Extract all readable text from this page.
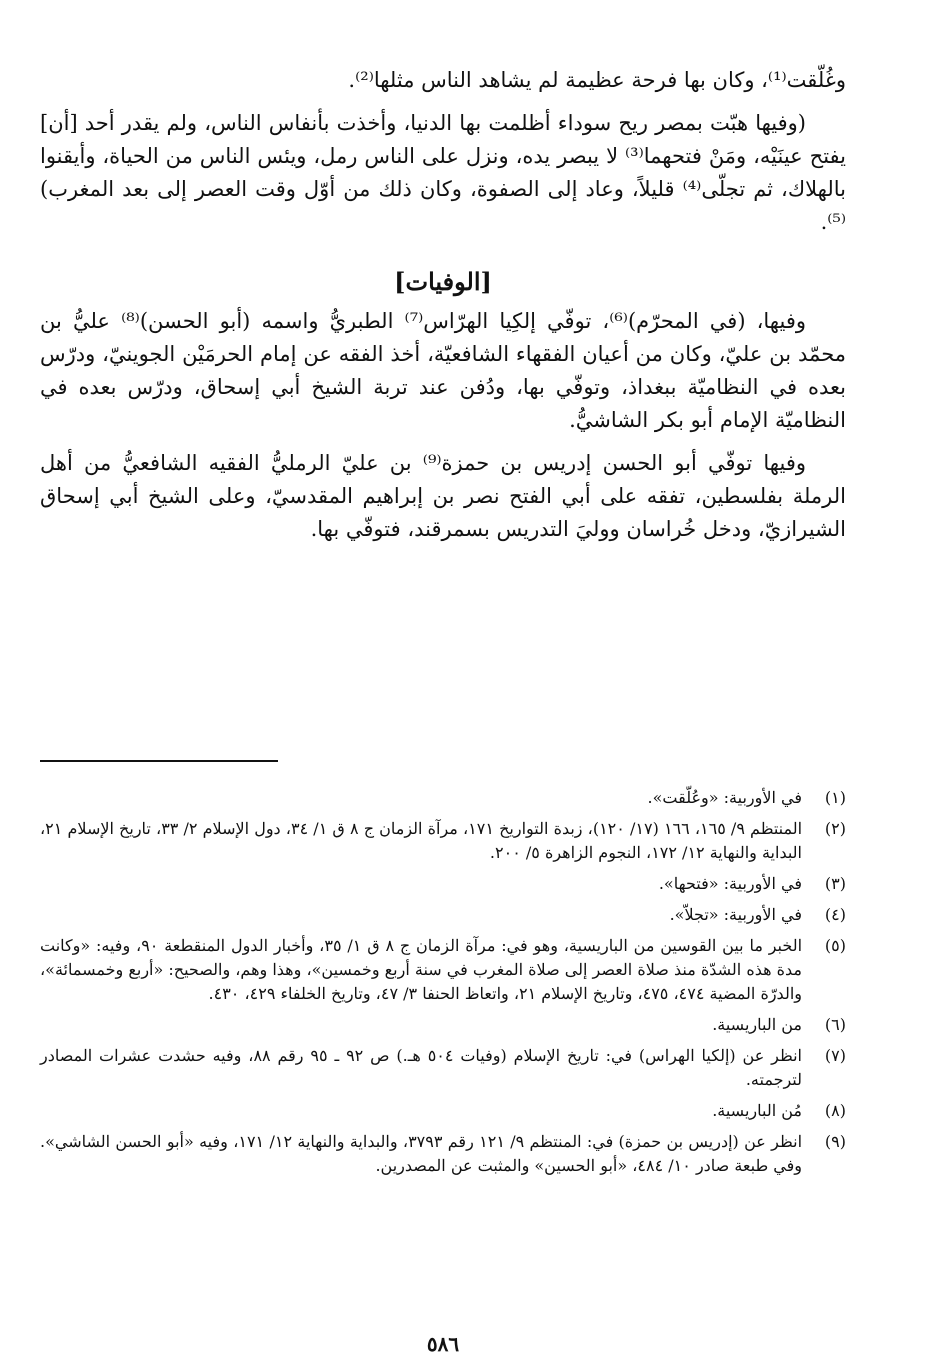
وغُلّقت⁽¹⁾، وكان بها فرحة عظيمة لم يشاهد الناس مثلها⁽²⁾.

(وفيها هبّت بمصر ريح سوداء أظلمت بها الدنيا، وأخذت بأنفاس الناس، ولم يقدر أحد [أن] يفتح عينَيْه، ومَنْ فتحهما⁽³⁾ لا يبصر يده، ونزل على الناس رمل، ويئس الناس من الحياة، وأيقنوا بالهلاك، ثم تجلّى⁽⁴⁾ قليلاً، وعاد إلى الصفوة، وكان ذلك من أوّل وقت العصر إلى بعد المغرب)⁽⁵⁾.

[الوفيات]

وفيها، (في المحرّم)⁽⁶⁾، توفّي إلكِيا الهرّاس⁽⁷⁾ الطبريُّ واسمه (أبو الحسن)⁽⁸⁾ عليُّ بن محمّد بن عليّ، وكان من أعيان الفقهاء الشافعيّة، أخذ الفقه عن إمام الحرمَيْن الجوينيّ، ودرّس بعده في النظاميّة ببغداذ، وتوفّي بها، ودُفن عند تربة الشيخ أبي إسحاق، ودرّس بعده في النظاميّة الإمام أبو بكر الشاشيُّ.

وفيها توفّي أبو الحسن إدريس بن حمزة⁽⁹⁾ بن عليّ الرمليُّ الفقيه الشافعيُّ من أهل الرملة بفلسطين، تفقه على أبي الفتح نصر بن إبراهيم المقدسيّ، وعلى الشيخ أبي إسحاق الشيرازيّ، ودخل خُراسان ووليَ التدريس بسمرقند، فتوفّي بها.

(١)
في الأوربية: «وعُلّقت».
(٢)
المنتظم ٩/ ١٦٥، ١٦٦ (١٧/ ١٢٠)، زبدة التواريخ ١٧١، مرآة الزمان ج ٨ ق ١/ ٣٤، دول الإسلام ٢/ ٣٣، تاريخ الإسلام ٢١، البداية والنهاية ١٢/ ١٧٢، النجوم الزاهرة ٥/ ٢٠٠.
(٣)
في الأوربية: «فتحها».
(٤)
في الأوربية: «تجلاّ».
(٥)
الخبر ما بين القوسين من الباريسية، وهو في: مرآة الزمان ج ٨ ق ١/ ٣٥، وأخبار الدول المنقطعة ٩٠، وفيه: «وكانت مدة هذه الشدّة منذ صلاة العصر إلى صلاة المغرب في سنة أربع وخمسين»، وهذا وهم، والصحيح: «أربع وخمسمائة»، والدرّة المضية ٤٧٤، ٤٧٥، وتاريخ الإسلام ٢١، واتعاظ الحنفا ٣/ ٤٧، وتاريخ الخلفاء ٤٢٩، ٤٣٠.
(٦)
من الباريسية.
(٧)
انظر عن (إلكيا الهراس) في: تاريخ الإسلام (وفيات ٥٠٤ هـ.) ص ٩٢ ـ ٩٥ رقم ٨٨، وفيه حشدت عشرات المصادر لترجمته.
(٨)
مُن الباريسية.
(٩)
انظر عن (إدريس بن حمزة) في: المنتظم ٩/ ١٢١ رقم ٣٧٩٣، والبداية والنهاية ١٢/ ١٧١، وفيه «أبو الحسن الشاشي». وفي طبعة صادر ١٠/ ٤٨٤، «أبو الحسين» والمثبت عن المصدرين.
٥٨٦
